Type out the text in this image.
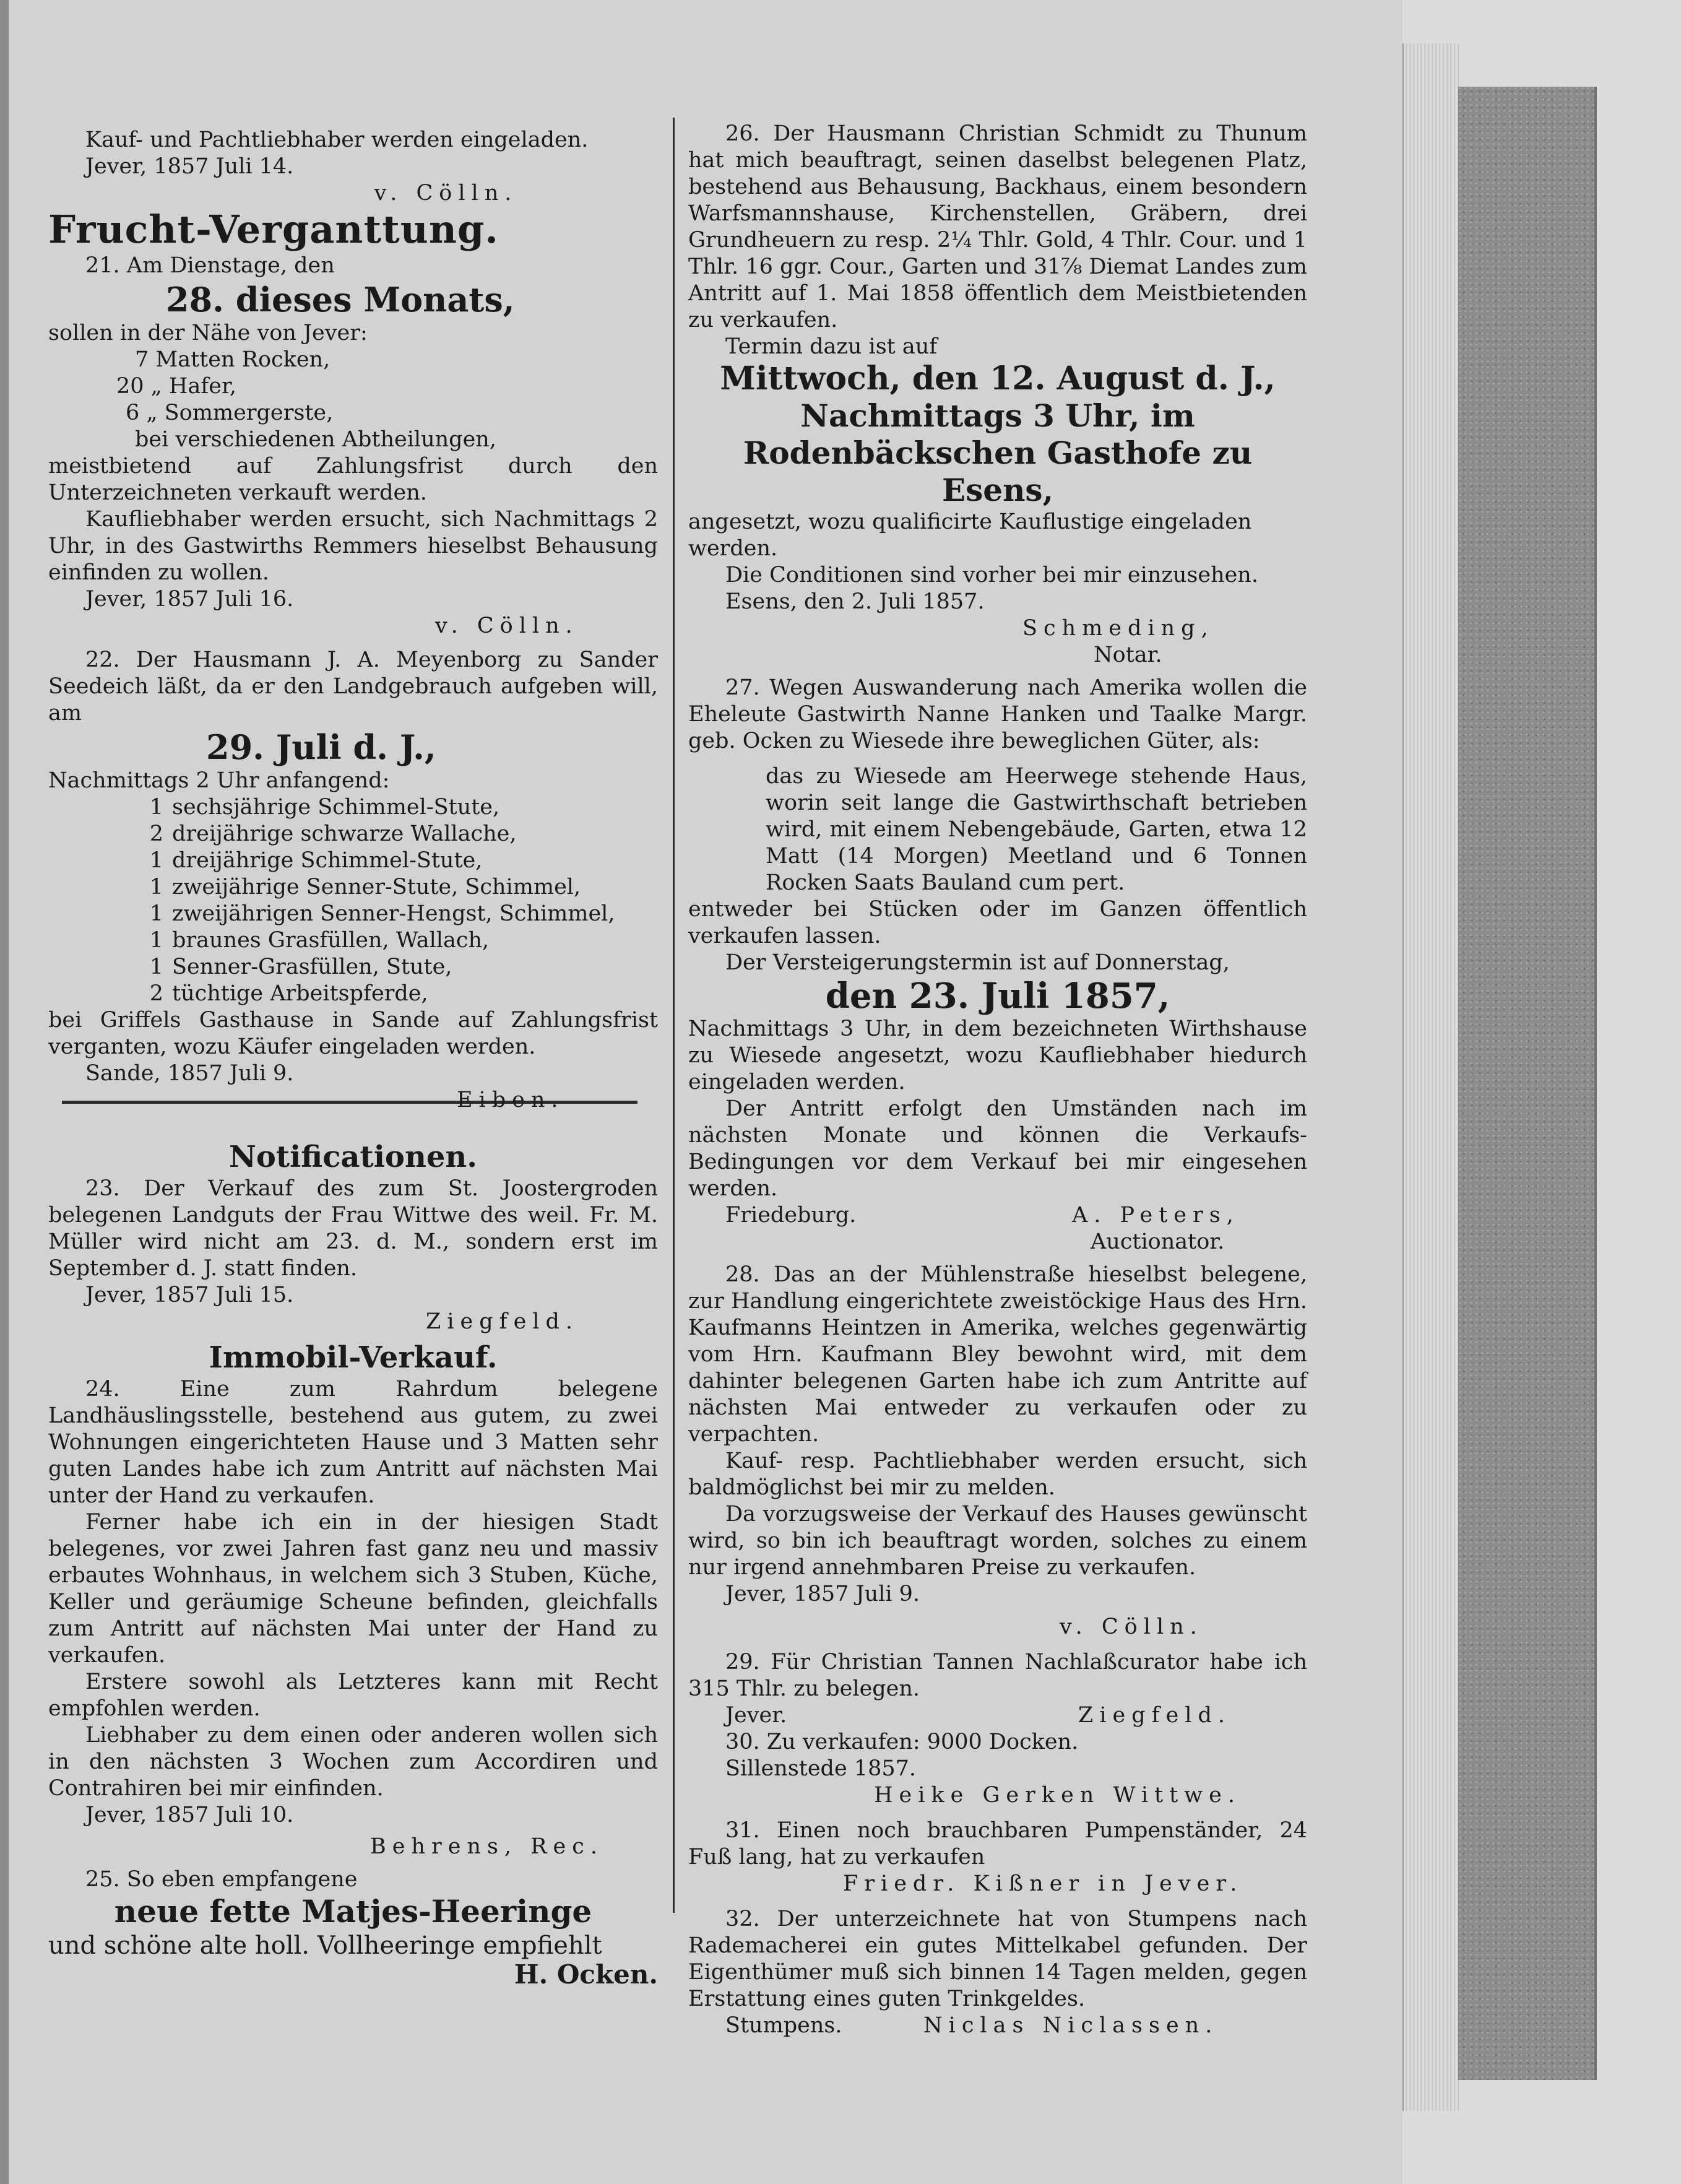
Kauf- und Pachtliebhaber werden eingeladen.

Jever, 1857 Juli 14.

v. Cölln.

Frucht-Verganttung.

21. Am Dienstage, den

28. dieses Monats,

sollen in der Nähe von Jever:

7 Matten Rocken,

20 „ Hafer,

6 „ Sommergerste,

bei verschiedenen Abtheilungen,

meistbietend auf Zahlungsfrist durch den Unterzeichneten verkauft werden.

Kaufliebhaber werden ersucht, sich Nachmittags 2 Uhr, in des Gastwirths Remmers hieselbst Behausung einfinden zu wollen.

Jever, 1857 Juli 16.

v. Cölln.

22. Der Hausmann J. A. Meyenborg zu Sander Seedeich läßt, da er den Landgebrauch aufgeben will, am

29. Juli d. J.,

Nachmittags 2 Uhr anfangend:

1 sechsjährige Schimmel-Stute,
2 dreijährige schwarze Wallache,
1 dreijährige Schimmel-Stute,
1 zweijährige Senner-Stute, Schimmel,
1 zweijährigen Senner-Hengst, Schimmel,
1 braunes Grasfüllen, Wallach,
1 Senner-Grasfüllen, Stute,
2 tüchtige Arbeitspferde,

bei Griffels Gasthause in Sande auf Zahlungsfrist verganten, wozu Käufer eingeladen werden.

Sande, 1857 Juli 9.

Eiben.

Notificationen.

23. Der Verkauf des zum St. Joostergroden belegenen Landguts der Frau Wittwe des weil. Fr. M. Müller wird nicht am 23. d. M., sondern erst im September d. J. statt finden.

Jever, 1857 Juli 15.

Ziegfeld.

Immobil-Verkauf.

24. Eine zum Rahrdum belegene Landhäuslingsstelle, bestehend aus gutem, zu zwei Wohnungen eingerichteten Hause und 3 Matten sehr guten Landes habe ich zum Antritt auf nächsten Mai unter der Hand zu verkaufen.

Ferner habe ich ein in der hiesigen Stadt belegenes, vor zwei Jahren fast ganz neu und massiv erbautes Wohnhaus, in welchem sich 3 Stuben, Küche, Keller und geräumige Scheune befinden, gleichfalls zum Antritt auf nächsten Mai unter der Hand zu verkaufen.

Erstere sowohl als Letzteres kann mit Recht empfohlen werden.

Liebhaber zu dem einen oder anderen wollen sich in den nächsten 3 Wochen zum Accordiren und Contrahiren bei mir einfinden.

Jever, 1857 Juli 10.

Behrens, Rec.

25. So eben empfangene

neue fette Matjes-Heeringe

und schöne alte holl. Vollheeringe empfiehlt

H. Ocken.

26. Der Hausmann Christian Schmidt zu Thunum hat mich beauftragt, seinen daselbst belegenen Platz, bestehend aus Behausung, Backhaus, einem besondern Warfsmannshause, Kirchenstellen, Gräbern, drei Grundheuern zu resp. 2¼ Thlr. Gold, 4 Thlr. Cour. und 1 Thlr. 16 ggr. Cour., Garten und 31⅞ Diemat Landes zum Antritt auf 1. Mai 1858 öffentlich dem Meistbietenden zu verkaufen.

Termin dazu ist auf

Mittwoch, den 12. August d. J.,

Nachmittags 3 Uhr, im Rodenbäckschen Gasthofe zu Esens,

angesetzt, wozu qualificirte Kauflustige eingeladen werden.

Die Conditionen sind vorher bei mir einzusehen.

Esens, den 2. Juli 1857.

Schmeding,

Notar.

27. Wegen Auswanderung nach Amerika wollen die Eheleute Gastwirth Nanne Hanken und Taalke Margr. geb. Ocken zu Wiesede ihre beweglichen Güter, als:

das zu Wiesede am Heerwege stehende Haus, worin seit lange die Gastwirthschaft betrieben wird, mit einem Nebengebäude, Garten, etwa 12 Matt (14 Morgen) Meetland und 6 Tonnen Rocken Saats Bauland cum pert.

entweder bei Stücken oder im Ganzen öffentlich verkaufen lassen.

Der Versteigerungstermin ist auf Donnerstag,

den 23. Juli 1857,

Nachmittags 3 Uhr, in dem bezeichneten Wirthshause zu Wiesede angesetzt, wozu Kaufliebhaber hiedurch eingeladen werden.

Der Antritt erfolgt den Umständen nach im nächsten Monate und können die Verkaufs-Bedingungen vor dem Verkauf bei mir eingesehen werden.

Friedeburg.	A. Peters,

Auctionator.

28. Das an der Mühlenstraße hieselbst belegene, zur Handlung eingerichtete zweistöckige Haus des Hrn. Kaufmanns Heintzen in Amerika, welches gegenwärtig vom Hrn. Kaufmann Bley bewohnt wird, mit dem dahinter belegenen Garten habe ich zum Antritte auf nächsten Mai entweder zu verkaufen oder zu verpachten.

Kauf- resp. Pachtliebhaber werden ersucht, sich baldmöglichst bei mir zu melden.

Da vorzugsweise der Verkauf des Hauses gewünscht wird, so bin ich beauftragt worden, solches zu einem nur irgend annehmbaren Preise zu verkaufen.

Jever, 1857 Juli 9.

v. Cölln.

29. Für Christian Tannen Nachlaßcurator habe ich 315 Thlr. zu belegen.

Jever.	Ziegfeld.

30. Zu verkaufen: 9000 Docken.

Sillenstede 1857.

Heike Gerken Wittwe.

31. Einen noch brauchbaren Pumpenständer, 24 Fuß lang, hat zu verkaufen

Friedr. Kißner in Jever.

32. Der unterzeichnete hat von Stumpens nach Rademacherei ein gutes Mittelkabel gefunden. Der Eigenthümer muß sich binnen 14 Tagen melden, gegen Erstattung eines guten Trinkgeldes.

Stumpens.	Niclas Niclassen.
